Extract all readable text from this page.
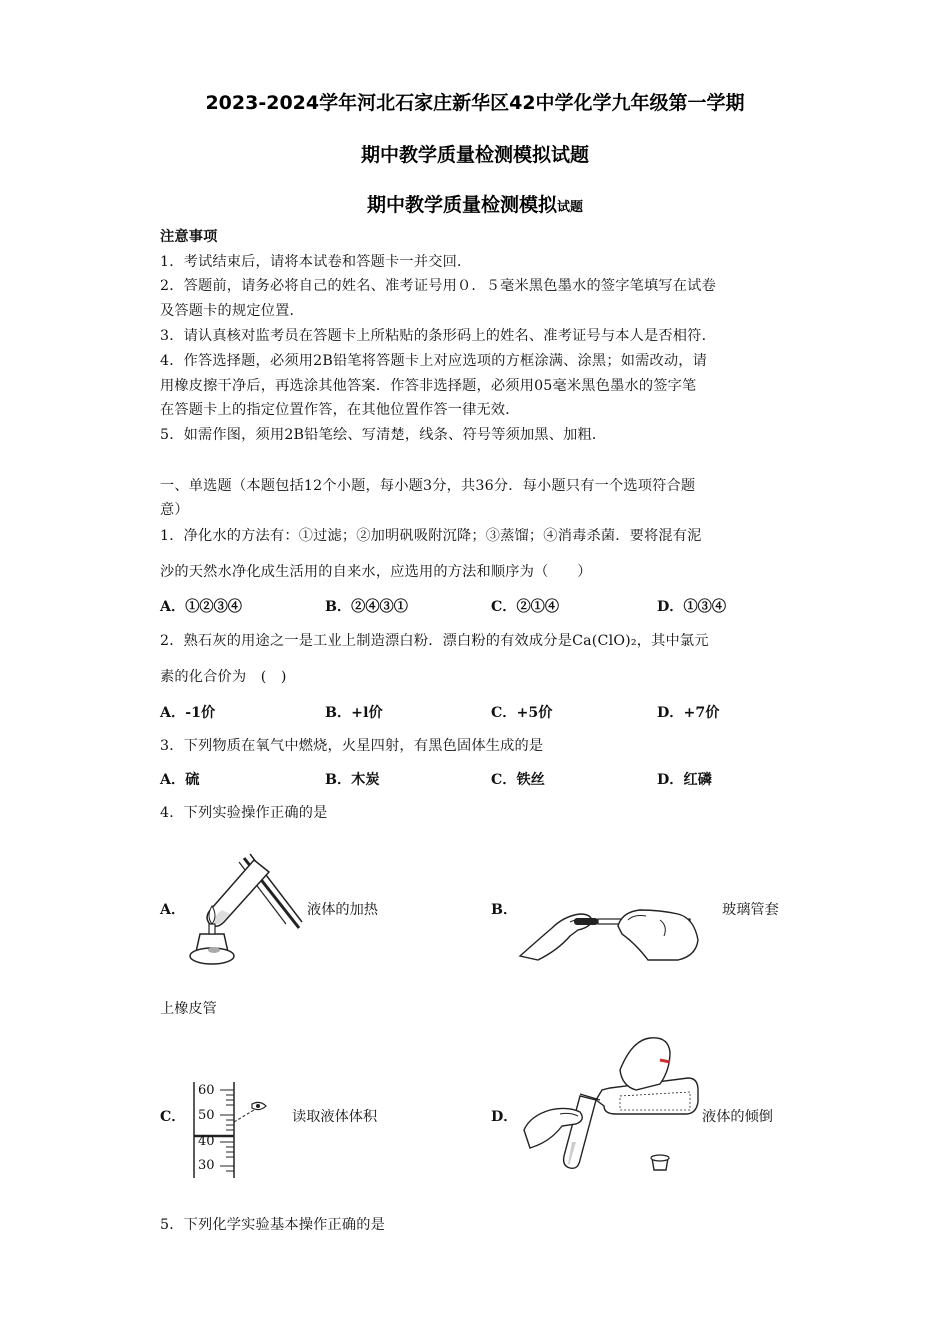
2023-2024学年河北石家庄新华区42中学化学九年级第一学期
期中教学质量检测模拟试题
期中教学质量检测模拟试题
注意事项
1．考试结束后，请将本试卷和答题卡一并交回．
2．答题前，请务必将自己的姓名、准考证号用０．５毫米黑色墨水的签字笔填写在试卷
及答题卡的规定位置．
3．请认真核对监考员在答题卡上所粘贴的条形码上的姓名、准考证号与本人是否相符．
4．作答选择题，必须用2B铅笔将答题卡上对应选项的方框涂满、涂黑；如需改动，请
用橡皮擦干净后，再选涂其他答案．作答非选择题，必须用05毫米黑色墨水的签字笔
在答题卡上的指定位置作答，在其他位置作答一律无效．
5．如需作图，须用2B铅笔绘、写清楚，线条、符号等须加黑、加粗．
一、单选题（本题包括12个小题，每小题3分，共36分．每小题只有一个选项符合题
意）
1．净化水的方法有：①过滤；②加明矾吸附沉降；③蒸馏；④消毒杀菌．要将混有泥
沙的天然水净化成生活用的自来水，应选用的方法和顺序为（　　）
A．①②③④	B．②④③①	C．②①④	D．①③④
2．熟石灰的用途之一是工业上制造漂白粉．漂白粉的有效成分是Ca(ClO)₂，其中氯元
素的化合价为　(　)
A．-1价	B．+l价	C．+5价	D．+7价
3．下列物质在氧气中燃烧，火星四射，有黑色固体生成的是
A．硫	B．木炭	C．铁丝	D．红磷
4．下列实验操作正确的是
A．	液体的加热	B．	玻璃管套
上橡皮管
C．
60
50
40
30
读取液体体积	D．	液体的倾倒
5．下列化学实验基本操作正确的是
